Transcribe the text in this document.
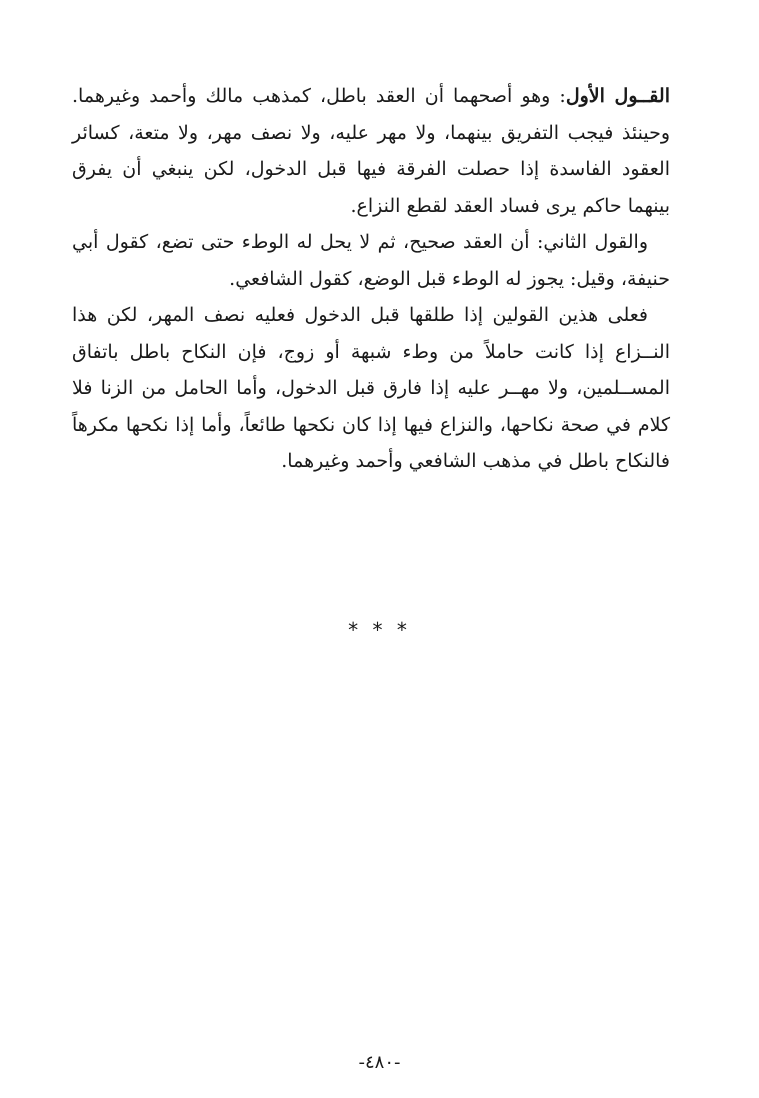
القــول الأول: وهو أصحهما أن العقد باطل، كمذهب مالك وأحمد وغيرهما. وحينئذ فيجب التفريق بينهما، ولا مهر عليه، ولا نصف مهر، ولا متعة، كسائر العقود الفاسدة إذا حصلت الفرقة فيها قبل الدخول، لكن ينبغي أن يفرق بينهما حاكم يرى فساد العقد لقطع النزاع.

والقول الثاني: أن العقد صحيح، ثم لا يحل له الوطء حتى تضع، كقول أبي حنيفة، وقيل: يجوز له الوطء قبل الوضع، كقول الشافعي.

فعلى هذين القولين إذا طلقها قبل الدخول فعليه نصف المهر، لكن هذا النــزاع إذا كانت حاملاً من وطء شبهة أو زوج، فإن النكاح باطل باتفاق المســلمين، ولا مهــر عليه إذا فارق قبل الدخول، وأما الحامل من الزنا فلا كلام في صحة نكاحها، والنزاع فيها إذا كان نكحها طائعاً، وأما إذا نكحها مكرهاً فالنكاح باطل في مذهب الشافعي وأحمد وغيرهما.

* * *
-٤٨٠-
